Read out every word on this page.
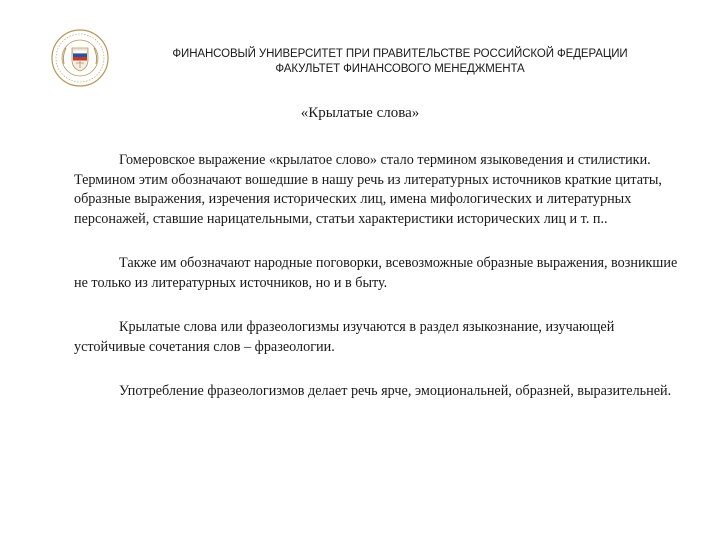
ФИНАНСОВЫЙ УНИВЕРСИТЕТ ПРИ ПРАВИТЕЛЬСТВЕ РОССИЙСКОЙ ФЕДЕРАЦИИ
ФАКУЛЬТЕТ ФИНАНСОВОГО МЕНЕДЖМЕНТА
«Крылатые слова»

Гомеровское выражение «крылатое слово» стало термином языковедения и стилистики. Термином этим обозначают вошедшие в нашу речь из литературных источников краткие цитаты, образные выражения, изречения исторических лиц, имена мифологических и литературных персонажей, ставшие нарицательными, статьи характеристики исторических лиц и т. п..

Также им обозначают народные поговорки, всевозможные образные выражения, возникшие не только из литературных источников, но и в быту.

Крылатые слова или фразеологизмы изучаются в раздел языкознание, изучающей устойчивые сочетания слов – фразеологии.

Употребление фразеологизмов делает речь ярче, эмоциональней, образней, выразительней.
